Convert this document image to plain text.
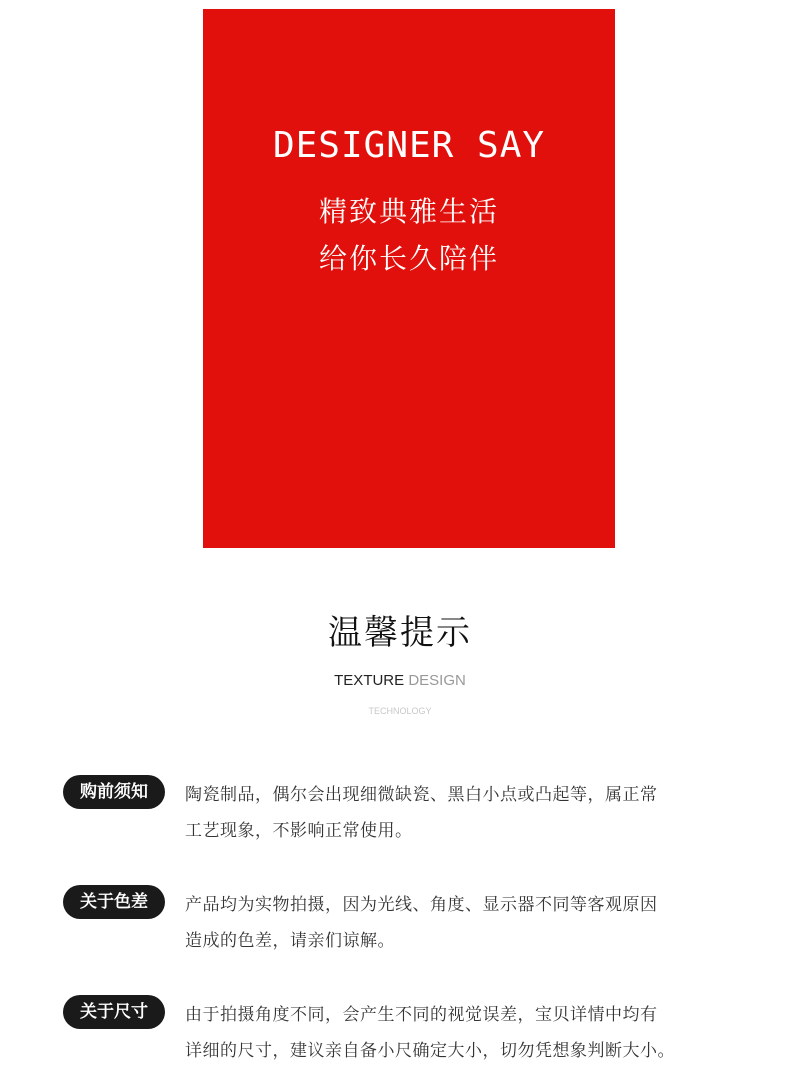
DESIGNER SAY
精致典雅生活
给你长久陪伴
温馨提示
TEXTURE DESIGN
TECHNOLOGY
购前须知	陶瓷制品，偶尔会出现细微缺瓷、黑白小点或凸起等，属正常
工艺现象，不影响正常使用。
关于色差	产品均为实物拍摄，因为光线、角度、显示器不同等客观原因
造成的色差，请亲们谅解。
关于尺寸	由于拍摄角度不同，会产生不同的视觉误差，宝贝详情中均有
详细的尺寸，建议亲自备小尺确定大小，切勿凭想象判断大小。
